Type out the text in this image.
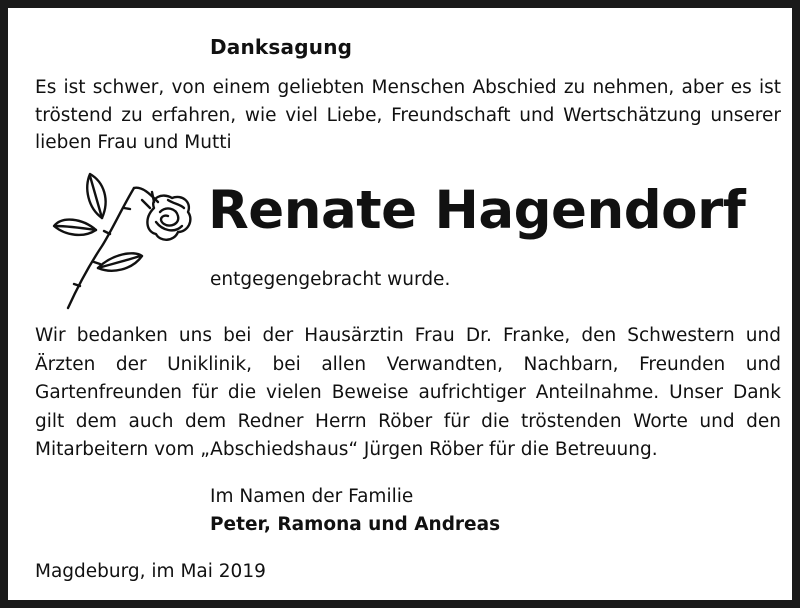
Danksagung
Es ist schwer, von einem geliebten Menschen Abschied zu nehmen, aber es ist tröstend zu erfahren, wie viel Liebe, Freundschaft und Wertschätzung unserer lieben Frau und Mutti
Renate Hagendorf
entgegengebracht wurde.
Wir bedanken uns bei der Hausärztin Frau Dr. Franke, den Schwestern und Ärzten der Uniklinik, bei allen Verwandten, Nachbarn, Freunden und Gartenfreunden für die vielen Beweise aufrichtiger Anteilnahme. Unser Dank gilt dem auch dem Redner Herrn Röber für die tröstenden Worte und den Mitarbeitern vom „Abschiedshaus“ Jürgen Röber für die Betreuung.
Im Namen der Familie
Peter, Ramona und Andreas
Magdeburg, im Mai 2019
